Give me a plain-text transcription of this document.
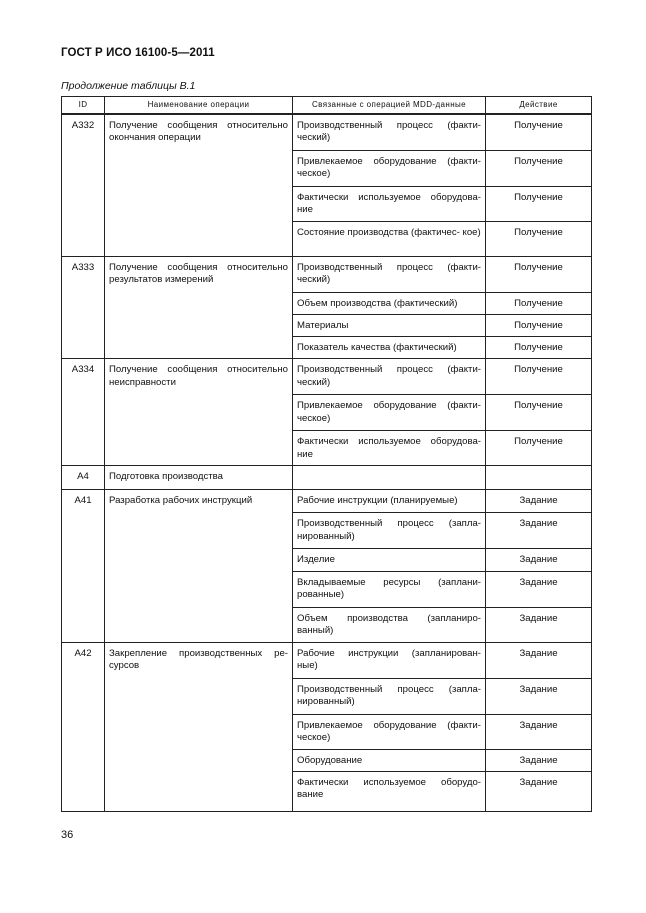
ГОСТ Р ИСО 16100-5—2011
Продолжение таблицы B.1
ID	Наименование операции	Связанные с операцией MDD-данные	Действие
А332	Получение сообщения относительно окончания операции	Производственный процесс (факти- ческий)	Получение
		Привлекаемое оборудование (факти- ческое)	Получение
		Фактически используемое оборудова- ние	Получение
		Состояние производства (фактичес- кое)	Получение
А333	Получение сообщения относительно результатов измерений	Производственный процесс (факти- ческий)	Получение
		Объем производства (фактический)	Получение
		Материалы	Получение
		Показатель качества (фактический)	Получение
А334	Получение сообщения относительно неисправности	Производственный процесс (факти- ческий)	Получение
		Привлекаемое оборудование (факти- ческое)	Получение
		Фактически используемое оборудова- ние	Получение
А4	Подготовка производства		
А41	Разработка рабочих инструкций	Рабочие инструкции (планируемые)	Задание
		Производственный процесс (запла- нированный)	Задание
		Изделие	Задание
		Вкладываемые ресурсы (заплани- рованные)	Задание
		Объем производства (запланиро- ванный)	Задание
А42	Закрепление производственных ре- сурсов	Рабочие инструкции (запланирован- ные)	Задание
		Производственный процесс (запла- нированный)	Задание
		Привлекаемое оборудование (факти- ческое)	Задание
		Оборудование	Задание
		Фактически используемое оборудо- вание	Задание
36
